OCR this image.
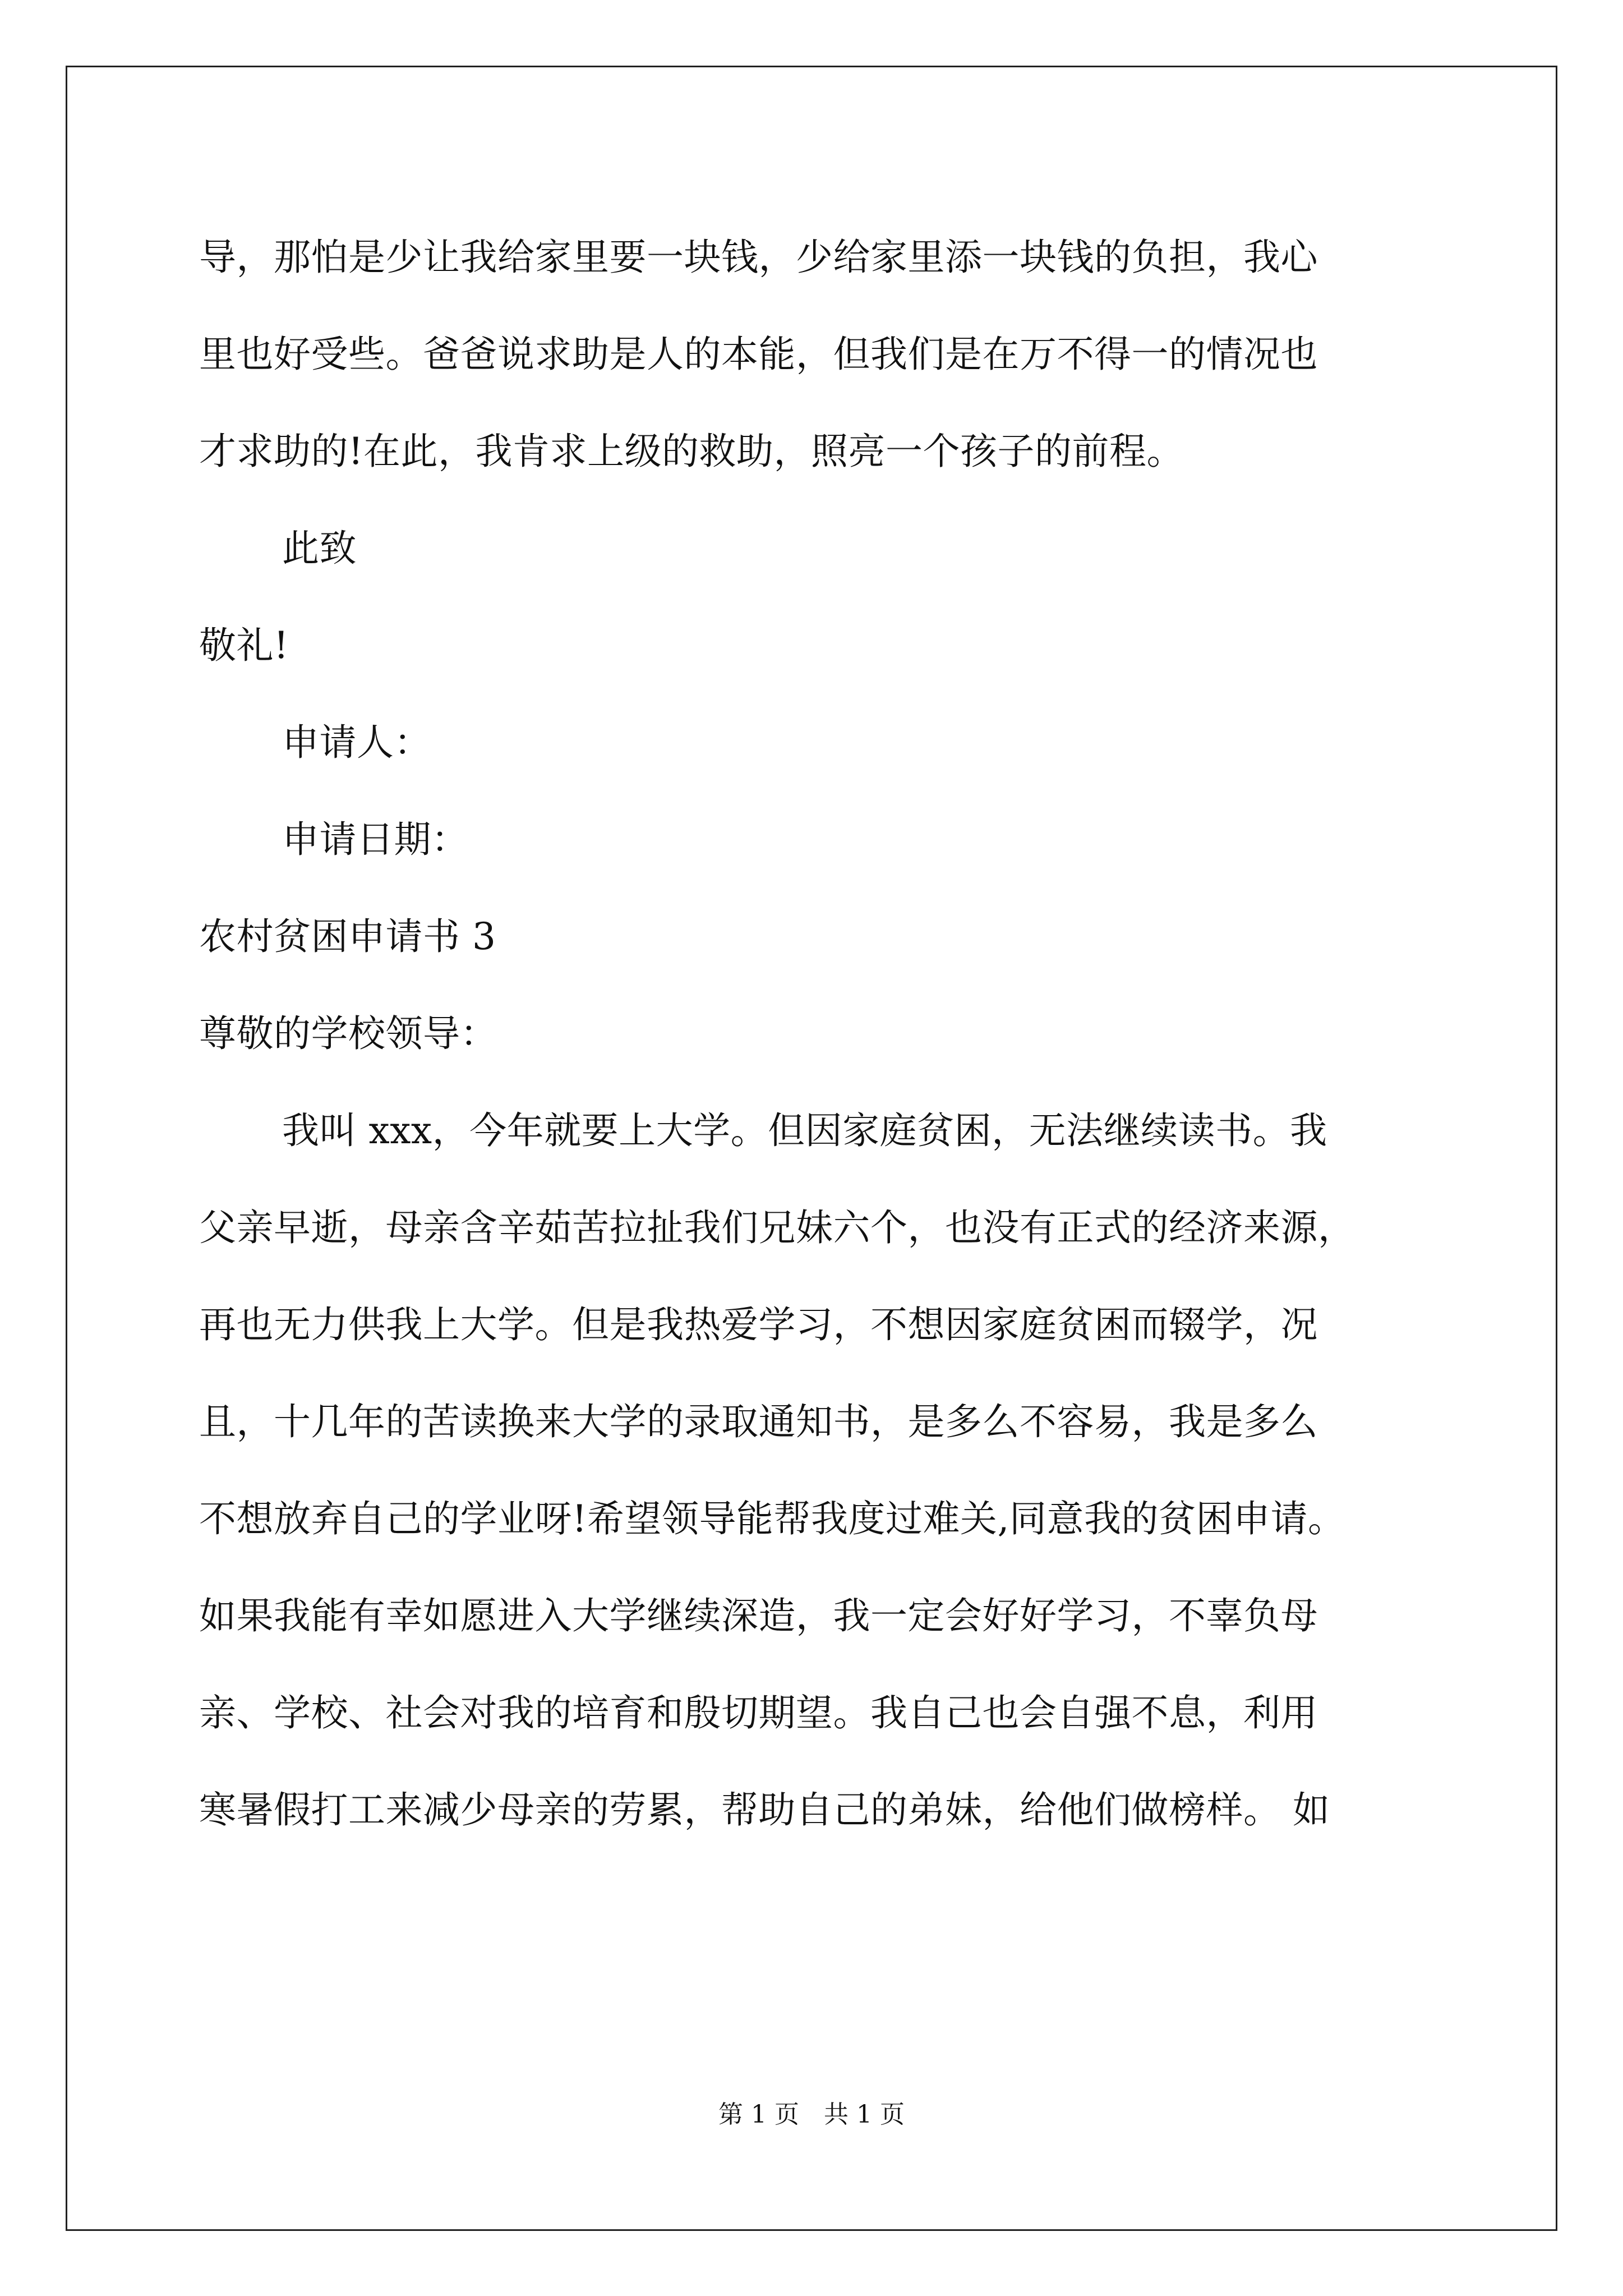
导，那怕是少让我给家里要一块钱，少给家里添一块钱的负担，我心
里也好受些。爸爸说求助是人的本能，但我们是在万不得一的情况也
才求助的!在此，我肯求上级的救助，照亮一个孩子的前程。
此致
敬礼!
申请人：
申请日期：
农村贫困申请书 3
尊敬的学校领导：
我叫 xxx，今年就要上大学。但因家庭贫困，无法继续读书。我
父亲早逝，母亲含辛茹苦拉扯我们兄妹六个，也没有正式的经济来源，
再也无力供我上大学。但是我热爱学习，不想因家庭贫困而辍学，况
且，十几年的苦读换来大学的录取通知书，是多么不容易，我是多么
不想放弃自己的学业呀!希望领导能帮我度过难关,同意我的贫困申请。
如果我能有幸如愿进入大学继续深造，我一定会好好学习，不辜负母
亲、学校、社会对我的培育和殷切期望。我自己也会自强不息，利用
寒暑假打工来减少母亲的劳累，帮助自己的弟妹，给他们做榜样。 如
第 1 页　共 1 页
